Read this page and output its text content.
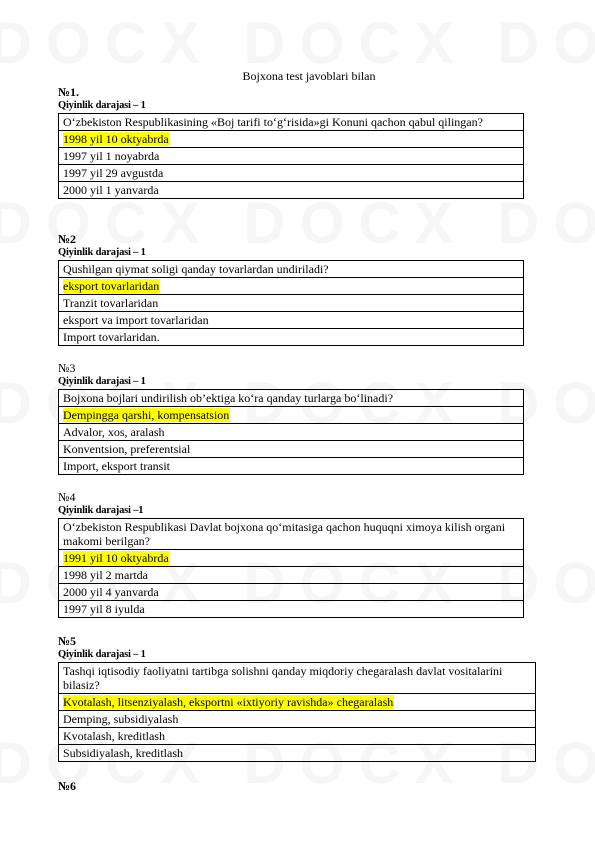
Bojxona test javoblari bilan
№1.
Qiyinlik darajasi – 1
O‘zbekiston Respublikasining «Boj tarifi to‘g‘risida»gi Konuni qachon qabul qilingan?
1998 yil 10 oktyabrda
1997 yil 1 noyabrda
1997 yil 29 avgustda
2000 yil 1 yanvarda
№2
Qiyinlik darajasi – 1
Qushilgan qiymat soligi qanday tovarlardan undiriladi?
eksport tovarlaridan
Tranzit tovarlaridan
eksport va import tovarlaridan
Import tovarlaridan.
№3
Qiyinlik darajasi – 1
Bojxona bojlari undirilish ob’ektiga ko‘ra qanday turlarga bo‘linadi?
Dempingga qarshi, kompensatsion
Advalor, xos, aralash
Konventsion, preferentsial
Import, eksport transit
№4
Qiyinlik darajasi –1
O‘zbekiston Respublikasi Davlat bojxona qo‘mitasiga qachon huquqni ximoya kilish organi makomi berilgan?
1991 yil 10 oktyabrda
1998 yil 2 martda
2000 yil 4 yanvarda
1997 yil 8 iyulda
№5
Qiyinlik darajasi – 1
Tashqi iqtisodiy faoliyatni tartibga solishni qanday miqdoriy chegaralash davlat vositalarini bilasiz?
Kvotalash, litsenziyalash, eksportni «ixtiyoriy ravishda» chegaralash
Demping, subsidiyalash
Kvotalash, kreditlash
Subsidiyalash, kreditlash
№6
